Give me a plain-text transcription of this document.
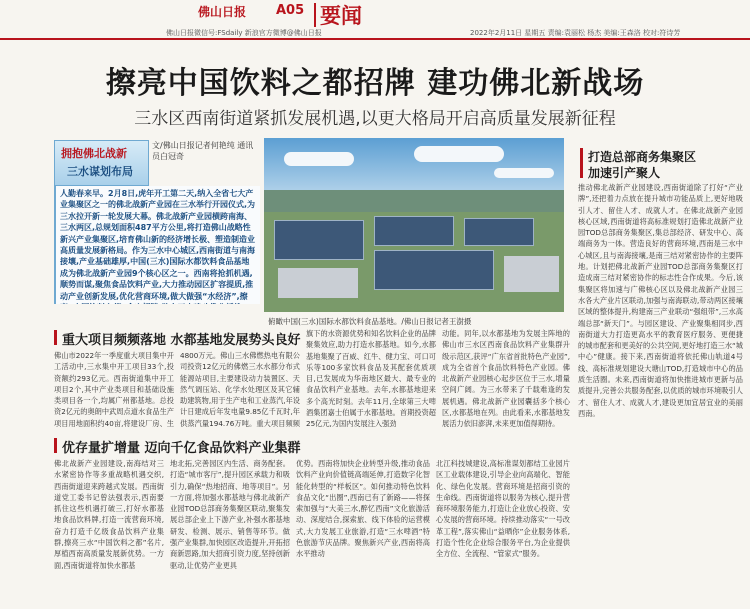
佛山日报
佛山日报微信号:FSdaily 新浪官方微博@佛山日报
A05 要闻
2022年2月11日 星期五 责编:袁丽松 杨杰 美编:王森洛 校对:符诗芳
擦亮中国饮料之都招牌 建功佛北新战场
三水区西南街道紧抓发展机遇,以更大格局开启高质量发展新征程
拥抱佛北战新
三水谋划布局
文/佛山日报记者何艳纯 通讯员白冠奇
人勤春来早。2月8日,虎年开工第二天,纳入全省七大产业集聚区之一的佛北战新产业园在三水举行开园仪式,为三水拉开新一轮发展大幕。佛北战新产业园横跨南海、三水两区,总规划面积487平方公里,将打造佛山战略性新兴产业集聚区,培育佛山新的经济增长极、塑造制造业高质量发展新格局。作为三水中心城区,西南街道与南海接壤,产业基础雄厚,中国(三水)国际水都饮料食品基地成为佛北战新产业园9个核心区之一。西南将抢抓机遇,顺势而谋,聚焦食品饮料产业,大力推动园区扩容提质,推动产业创新发展,优化营商环境,做大做强“水经济”,擦
俯瞰中国(三水)国际水都饮料食品基地。/佛山日报记者王澍摄
打造总部商务集聚区
加速引产聚人
推动佛北战新产业园建设,西南街道除了打好“产业牌”,还把着力点放在提升城市功能品质上,更好地吸引人才、留住人才、成就人才。在佛北战新产业园核心区域,西南街道将高标准规划打造佛北战新产业园TOD总部商务集聚区,集总部经济、研发中心、高端商务为一体。营造良好的营商环境,西南是三水中心城区,且与南海接壤,是南三结对紧密协作的主要阵地。计划把佛北战新产业园TOD总部商务集聚区打造成南三结对紧密协作的标志性合作成果。今后,该集聚区将加速与广佛核心区以及佛北战新产业园三水各大产业片区联动,加强与南海联动,带动两区接壤区域的整体提升,构建南三产业联动“强组带”,三水高端总部“新天门”。与园区建设、产业聚集相同步,西南街道大力打造更高水平的教育医疗服务、更便捷的城市配套和更美好的公共空间,更好地打造三水“城中心”健康。接下来,西南街道将依托佛山轨道4号线、高标准规划建设大塘山TOD,打造城市中心的品质生活圈。未来,西南街道将加快推进城市更新与品质提升,完善公共服务配套,以优质的城市环境吸引人才、留住人才、成就人才,建设更加宜居宜业的美丽西南。
重大项目频频落地 水都基地发展势头良好
佛山市2022年一季度重大项目集中开工活动中,三水集中开工项目33个,投资额约293亿元。西南街道集中开工项目2个,其中产业类项目和基础设施类项目各一个,均属广州都基地。总投资2亿元的奥朗中武周点道水食品生产项目用地面积约40亩,将建设厂房、生
4800万元。佛山三水佛燃热电有限公司投资12亿元的佛燃三水水都分布式能源站项目,主要建设动力装置区、天然气调压站、化学水处理区及其它辅助建筑物,用于生产电和工业蒸汽,年设计日建成后年发电量9.85亿千瓦时,年供蒸汽量194.76万吨。重大项目频频
旗下的水资源优势和知名饮料企业的品牌聚集效应,助力打造水都基地。如今,水都基地集聚了百威、红牛、健力宝、可口可乐等100多家饮料食品及其配套优质项目,已发展成为华南地区最大、最专业的食品饮料产业基地。去年,水都基地迎来多个高光时刻。去年11月,全球第三大啤酒集团嘉士伯属于水都基地。首期投资超25亿元,为国内发展注入强劲
动能。同年,以水都基地为发展主阵地的佛山市三水区西南食品饮料产业集群升级示范区,获评“广东省首批特色产业园”,成为全省首个食品饮料特色产业园。佛北战新产业园核心起步区位于三水,增量空间广阔。为三水带来了千载难逢的发展机遇。佛北战新产业园囊括多个核心区,水都基地在列。由此看来,水都基地发展活力依旧澎湃,未来更加值得期待。
优存量扩增量 迈向千亿食品饮料产业集群
佛北战新产业园建设,南海结对三水紧密协作等多重战略机遇交织,西南街道迎来跨越式发展。西南街道党工委书记曾法强表示,西南要抓住这些机遇打破三,打好水都基地食品饮料牌,打造一流营商环境,奋力打造千亿级食品饮料产业集群,擦亮三水“中国饮料之都”名片,厚植西南高质量发展新优势。一方面,西南街道将加快水都基
地北拓,完善园区内生活、商务配套。打造“城市客厅”,提升园区承载力和吸引力,确保“热地招商、地等项目”。另一方面,将加强水都基地与佛北战新产业园TOD总部商务集聚区联动,聚集发展总部企业上下游产业,补强水都基地研发、检测、展示、销售等环节。做强产业集群,加快园区改造提升,开拓招商新思路,加大招商引资力度,坚持创新驱动,让优势产业更具
优势。西南将加快企业转型升级,推动食品饮料产业向价值链高端延伸,打造数字化智能化转型的“样板区”。如何推动特色饮料食品文化“出圈”,西南已有了新路——将探索加强与“大美三水,醉忆西南”文化旅游活动、深度结合,探索旅、线下体验的运营模式,大力发展工业旅游,打造“三水啤酒”特色旅游节庆品牌。聚焦新兴产业,西南将高水平推动
北江科技城建设,高标准谋划都结工业园片区工业载体建设,引导企业向高端化、智能化、绿色化发展。营商环境是招商引资的生命线。西南街道将以服务为核心,提升营商环境服务能力,打造让企业放心投资、安心发展的营商环境。持续推动落实“一号改革工程”,落实佛山“益晒你”企业服务体系,打造个性化企业综合服务平台,为企业提供全方位、全流程、“管家式”服务。
